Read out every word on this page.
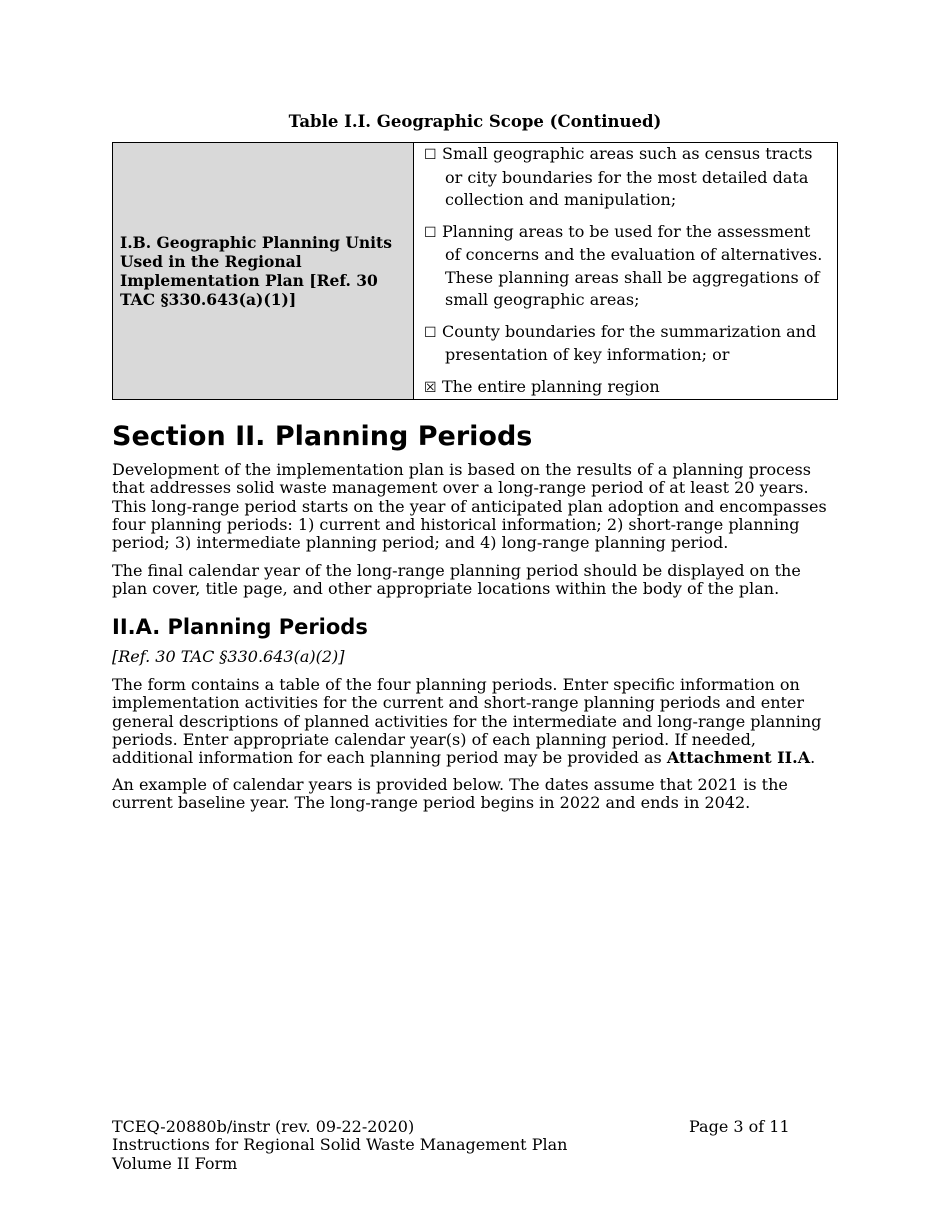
Table I.I. Geographic Scope (Continued)
I.B. Geographic Planning Units Used in the Regional Implementation Plan [Ref. 30 TAC §330.643(a)(1)]

☐ Small geographic areas such as census tracts or city boundaries for the most detailed data collection and manipulation;
☐ Planning areas to be used for the assessment of concerns and the evaluation of alternatives. These planning areas shall be aggregations of small geographic areas;
☐ County boundaries for the summarization and presentation of key information; or
☒ The entire planning region
Section II. Planning Periods

Development of the implementation plan is based on the results of a planning process that addresses solid waste management over a long-range period of at least 20 years. This long-range period starts on the year of anticipated plan adoption and encompasses four planning periods: 1) current and historical information; 2) short-range planning period; 3) intermediate planning period; and 4) long-range planning period.

The final calendar year of the long-range planning period should be displayed on the plan cover, title page, and other appropriate locations within the body of the plan.

II.A. Planning Periods

[Ref. 30 TAC §330.643(a)(2)]

The form contains a table of the four planning periods. Enter specific information on implementation activities for the current and short-range planning periods and enter general descriptions of planned activities for the intermediate and long-range planning periods. Enter appropriate calendar year(s) of each planning period. If needed, additional information for each planning period may be provided as Attachment II.A.

An example of calendar years is provided below. The dates assume that 2021 is the current baseline year. The long-range period begins in 2022 and ends in 2042.

TCEQ-20880b/instr (rev. 09-22-2020)
Instructions for Regional Solid Waste Management Plan
Volume II Form
Page 3 of 11
